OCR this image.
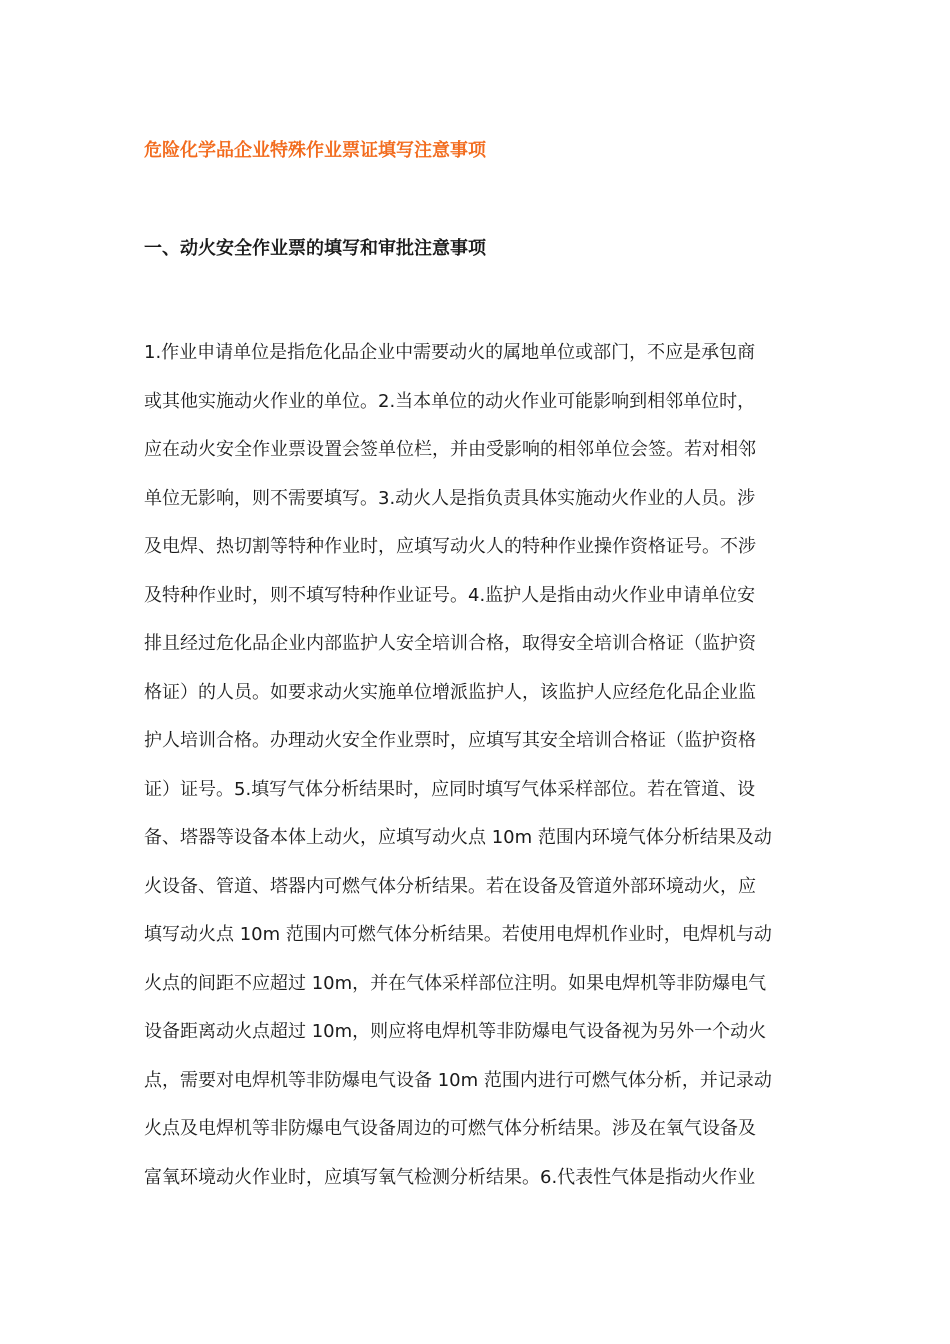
危险化学品企业特殊作业票证填写注意事项
一、动火安全作业票的填写和审批注意事项
1.作业申请单位是指危化品企业中需要动火的属地单位或部门，不应是承包商
或其他实施动火作业的单位。2.当本单位的动火作业可能影响到相邻单位时，
应在动火安全作业票设置会签单位栏，并由受影响的相邻单位会签。若对相邻
单位无影响，则不需要填写。3.动火人是指负责具体实施动火作业的人员。涉
及电焊、热切割等特种作业时，应填写动火人的特种作业操作资格证号。不涉
及特种作业时，则不填写特种作业证号。4.监护人是指由动火作业申请单位安
排且经过危化品企业内部监护人安全培训合格，取得安全培训合格证（监护资
格证）的人员。如要求动火实施单位增派监护人，该监护人应经危化品企业监
护人培训合格。办理动火安全作业票时，应填写其安全培训合格证（监护资格
证）证号。5.填写气体分析结果时，应同时填写气体采样部位。若在管道、设
备、塔器等设备本体上动火，应填写动火点 10m 范围内环境气体分析结果及动
火设备、管道、塔器内可燃气体分析结果。若在设备及管道外部环境动火，应
填写动火点 10m 范围内可燃气体分析结果。若使用电焊机作业时，电焊机与动
火点的间距不应超过 10m，并在气体采样部位注明。如果电焊机等非防爆电气
设备距离动火点超过 10m，则应将电焊机等非防爆电气设备视为另外一个动火
点，需要对电焊机等非防爆电气设备 10m 范围内进行可燃气体分析，并记录动
火点及电焊机等非防爆电气设备周边的可燃气体分析结果。涉及在氧气设备及
富氧环境动火作业时，应填写氧气检测分析结果。6.代表性气体是指动火作业
